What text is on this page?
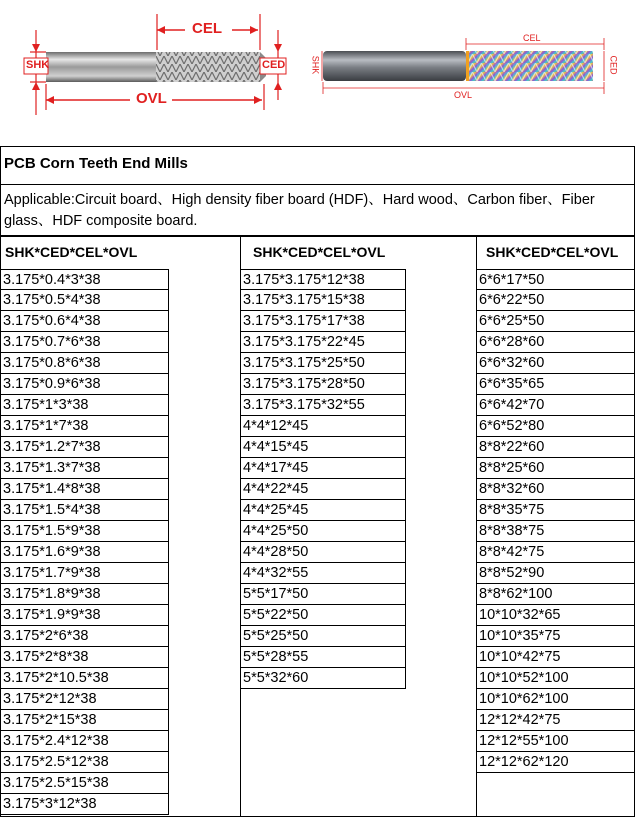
CEL
SHK	CED
OVL
CEL
SHK	CED
OVL
PCB Corn Teeth End Mills
Applicable:Circuit board、High density fiber board (HDF)、Hard wood、Carbon fiber、Fiber glass、HDF composite board.
SHK*CED*CEL*OVL
3.175*0.4*3*38
3.175*0.5*4*38
3.175*0.6*4*38
3.175*0.7*6*38
3.175*0.8*6*38
3.175*0.9*6*38
3.175*1*3*38
3.175*1*7*38
3.175*1.2*7*38
3.175*1.3*7*38
3.175*1.4*8*38
3.175*1.5*4*38
3.175*1.5*9*38
3.175*1.6*9*38
3.175*1.7*9*38
3.175*1.8*9*38
3.175*1.9*9*38
3.175*2*6*38
3.175*2*8*38
3.175*2*10.5*38
3.175*2*12*38
3.175*2*15*38
3.175*2.4*12*38
3.175*2.5*12*38
3.175*2.5*15*38
3.175*3*12*38
SHK*CED*CEL*OVL
3.175*3.175*12*38
3.175*3.175*15*38
3.175*3.175*17*38
3.175*3.175*22*45
3.175*3.175*25*50
3.175*3.175*28*50
3.175*3.175*32*55
4*4*12*45
4*4*15*45
4*4*17*45
4*4*22*45
4*4*25*45
4*4*25*50
4*4*28*50
4*4*32*55
5*5*17*50
5*5*22*50
5*5*25*50
5*5*28*55
5*5*32*60
SHK*CED*CEL*OVL
6*6*17*50
6*6*22*50
6*6*25*50
6*6*28*60
6*6*32*60
6*6*35*65
6*6*42*70
6*6*52*80
8*8*22*60
8*8*25*60
8*8*32*60
8*8*35*75
8*8*38*75
8*8*42*75
8*8*52*90
8*8*62*100
10*10*32*65
10*10*35*75
10*10*42*75
10*10*52*100
10*10*62*100
12*12*42*75
12*12*55*100
12*12*62*120
